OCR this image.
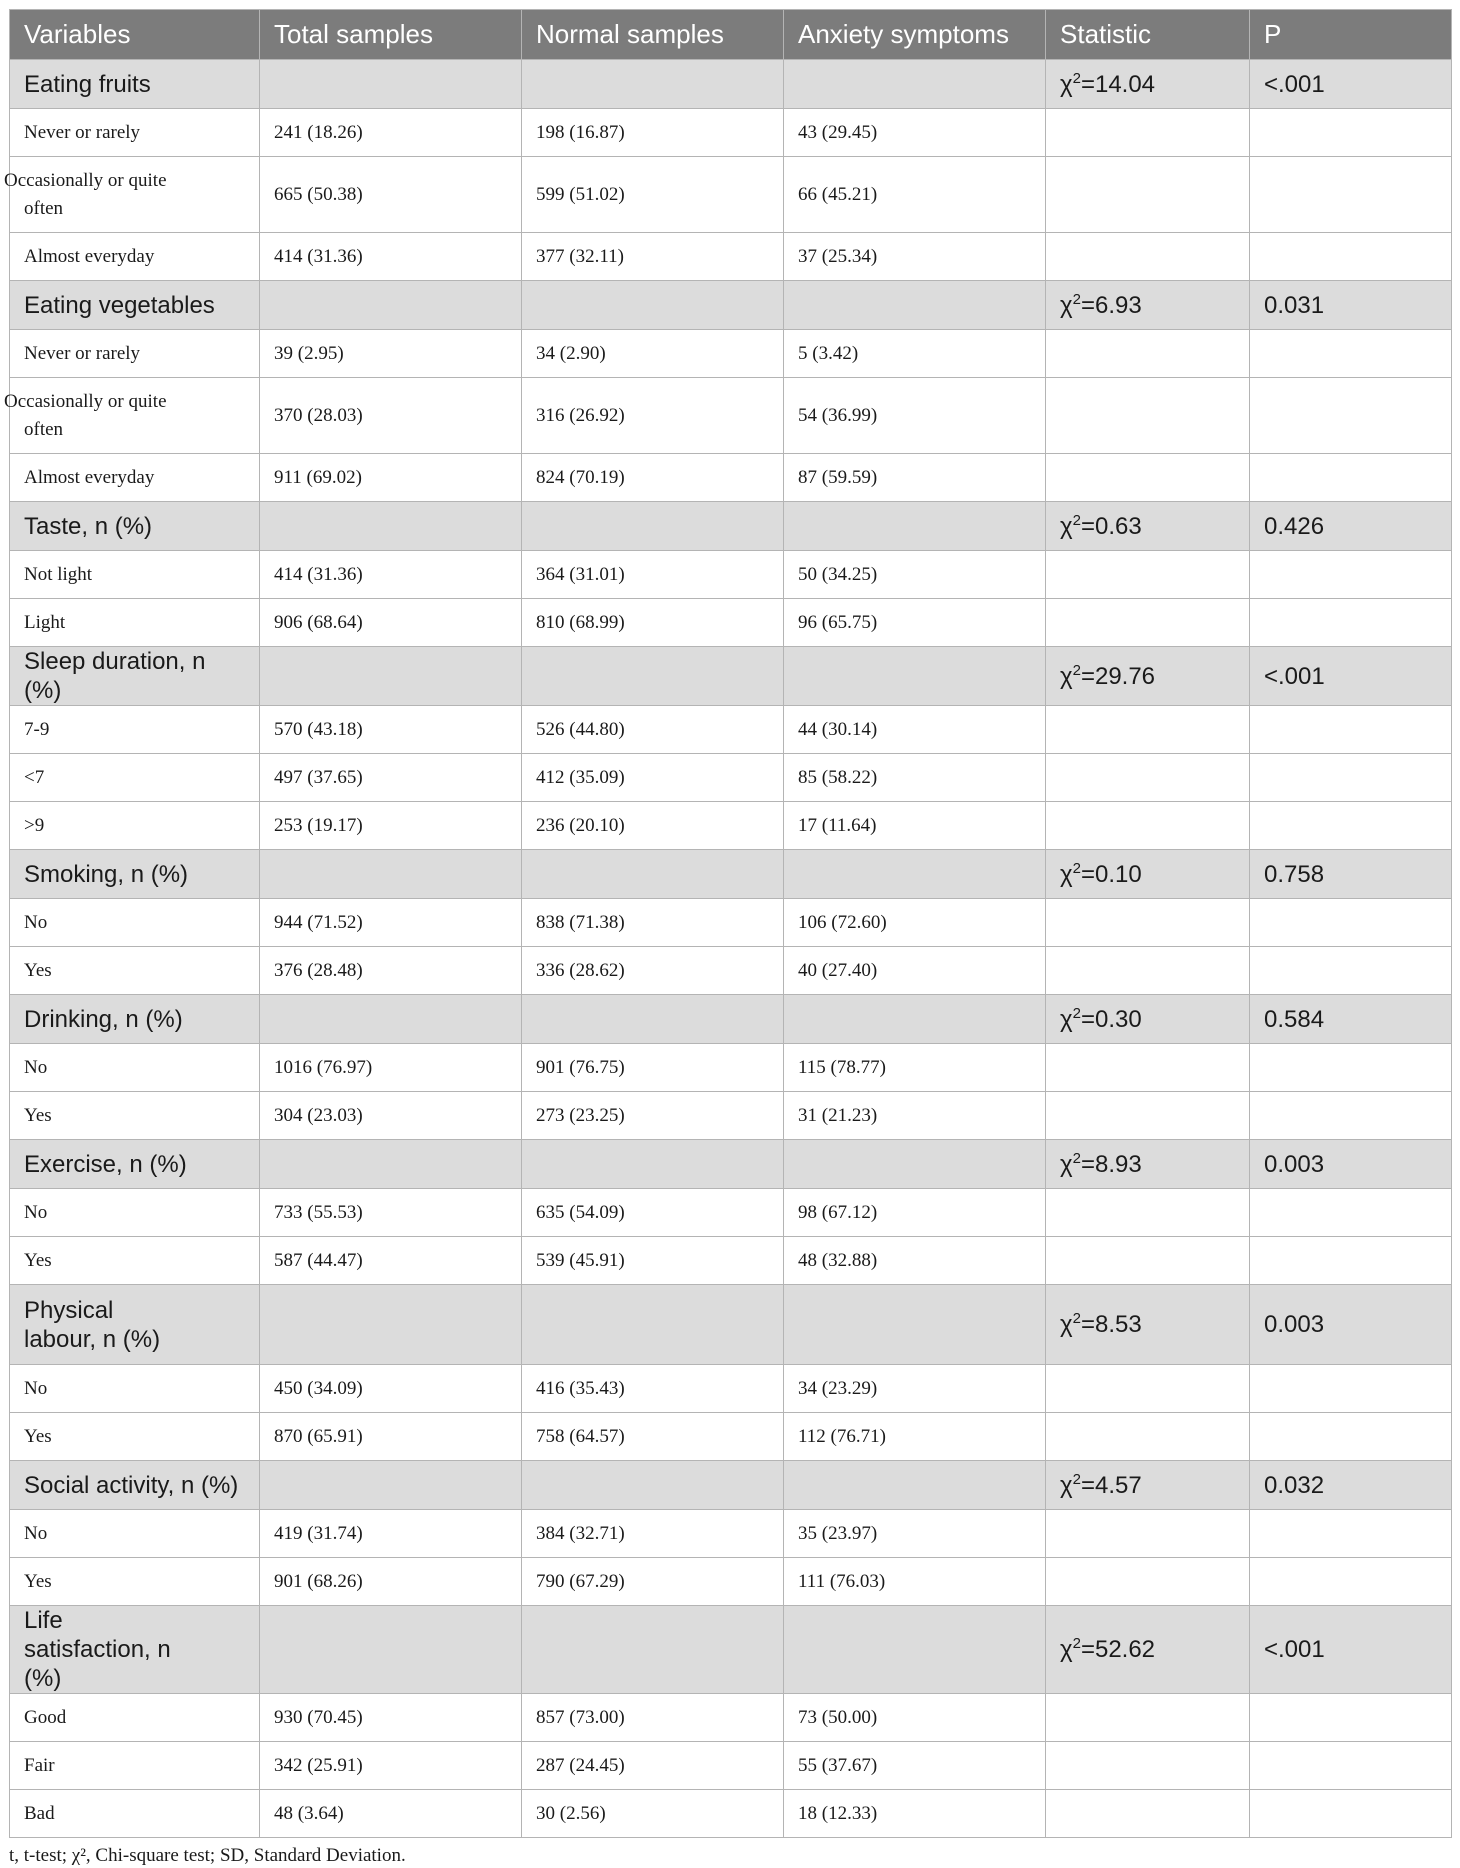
Variables	Total samples	Normal samples	Anxiety symptoms	Statistic	P
Eating fruits				$\chi^2=14.04$	<.001
Never or rarely	241 (18.26)	198 (16.87)	43 (29.45)		
Occasionally or quite often	665 (50.38)	599 (51.02)	66 (45.21)		
Almost everyday	414 (31.36)	377 (32.11)	37 (25.34)		
Eating vegetables				$\chi^2=6.93$	0.031
Never or rarely	39 (2.95)	34 (2.90)	5 (3.42)		
Occasionally or quite often	370 (28.03)	316 (26.92)	54 (36.99)		
Almost everyday	911 (69.02)	824 (70.19)	87 (59.59)		
Taste, n (%)				$\chi^2=0.63$	0.426
Not light	414 (31.36)	364 (31.01)	50 (34.25)		
Light	906 (68.64)	810 (68.99)	96 (65.75)		
Sleep duration, n (%)				$\chi^2=29.76$	<.001
7-9	570 (43.18)	526 (44.80)	44 (30.14)		
<7	497 (37.65)	412 (35.09)	85 (58.22)		
>9	253 (19.17)	236 (20.10)	17 (11.64)		
Smoking, n (%)				$\chi^2=0.10$	0.758
No	944 (71.52)	838 (71.38)	106 (72.60)		
Yes	376 (28.48)	336 (28.62)	40 (27.40)		
Drinking, n (%)				$\chi^2=0.30$	0.584
No	1016 (76.97)	901 (76.75)	115 (78.77)		
Yes	304 (23.03)	273 (23.25)	31 (21.23)		
Exercise, n (%)				$\chi^2=8.93$	0.003
No	733 (55.53)	635 (54.09)	98 (67.12)		
Yes	587 (44.47)	539 (45.91)	48 (32.88)		
Physical labour, n (%)				$\chi^2=8.53$	0.003
No	450 (34.09)	416 (35.43)	34 (23.29)		
Yes	870 (65.91)	758 (64.57)	112 (76.71)		
Social activity, n (%)				$\chi^2=4.57$	0.032
No	419 (31.74)	384 (32.71)	35 (23.97)		
Yes	901 (68.26)	790 (67.29)	111 (76.03)		
Life satisfaction, n (%)				$\chi^2=52.62$	<.001
Good	930 (70.45)	857 (73.00)	73 (50.00)		
Fair	342 (25.91)	287 (24.45)	55 (37.67)		
Bad	48 (3.64)	30 (2.56)	18 (12.33)		
t, t-test; χ², Chi-square test; SD, Standard Deviation.
